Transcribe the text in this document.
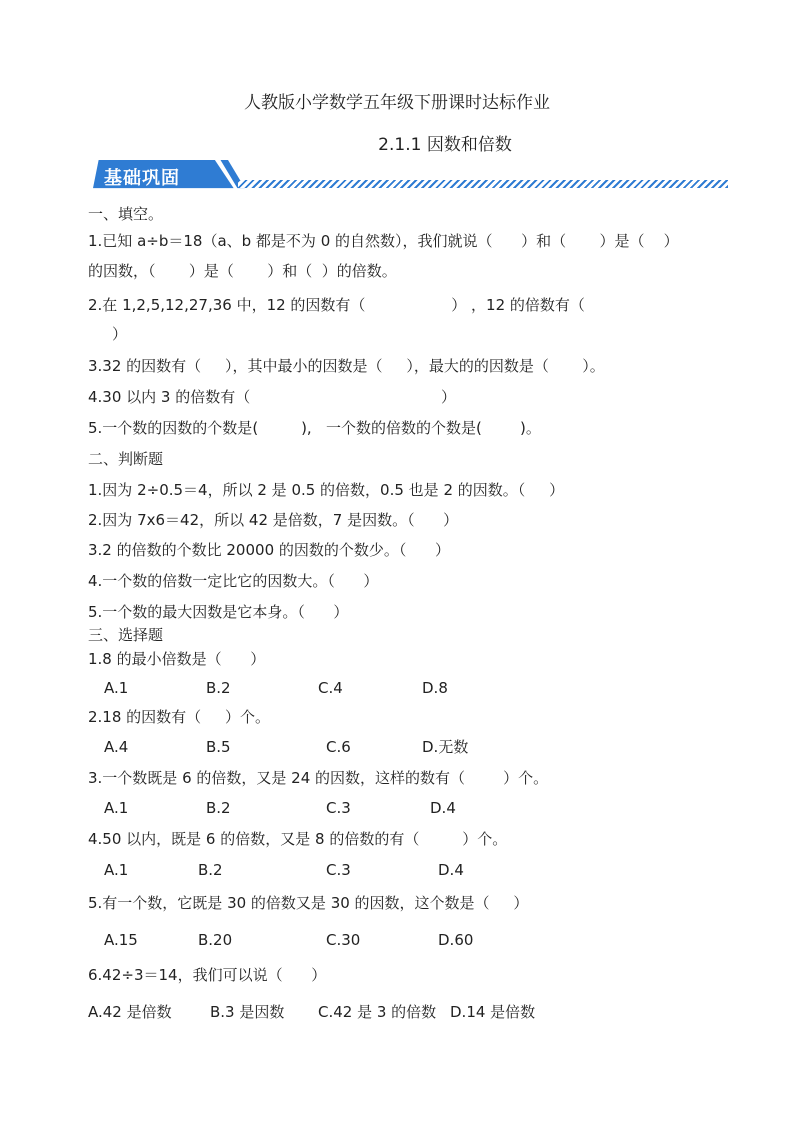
人教版小学数学五年级下册课时达标作业
2.1.1 因数和倍数
基础巩固
一、填空。
1.已知 a÷b＝18（a、b 都是不为 0 的自然数），我们就说（      ）和（       ）是（    ）
的因数，（       ）是（       ）和（  ）的倍数。
2.在 1,2,5,12,27,36 中，12 的因数有（                  ） ，12 的倍数有（
）
3.32 的因数有（     ），其中最小的因数是（     ），最大的的因数是（       ）。
4.30 以内 3 的倍数有（                                        ）
5.一个数的因数的个数是(         ),   一个数的倍数的个数是(        )。
二、判断题
1.因为 2÷0.5＝4，所以 2 是 0.5 的倍数，0.5 也是 2 的因数。（     ）
2.因为 7x6＝42，所以 42 是倍数，7 是因数。（      ）
3.2 的倍数的个数比 20000 的因数的个数少。（      ）
4.一个数的倍数一定比它的因数大。（      ）
5.一个数的最大因数是它本身。（      ）
三、选择题
1.8 的最小倍数是（      ）
A.1	B.2	C.4	D.8
2.18 的因数有（     ）个。
A.4	B.5	C.6	D.无数
3.一个数既是 6 的倍数，又是 24 的因数，这样的数有（        ）个。
A.1	B.2	C.3	D.4
4.50 以内，既是 6 的倍数，又是 8 的倍数的有（         ）个。
A.1	B.2	C.3	D.4
5.有一个数，它既是 30 的倍数又是 30 的因数，这个数是（     ）
A.15	B.20	C.30	D.60
6.42÷3＝14，我们可以说（      ）
A.42 是倍数	B.3 是因数 C.42 是 3 的倍数 D.14 是倍数
